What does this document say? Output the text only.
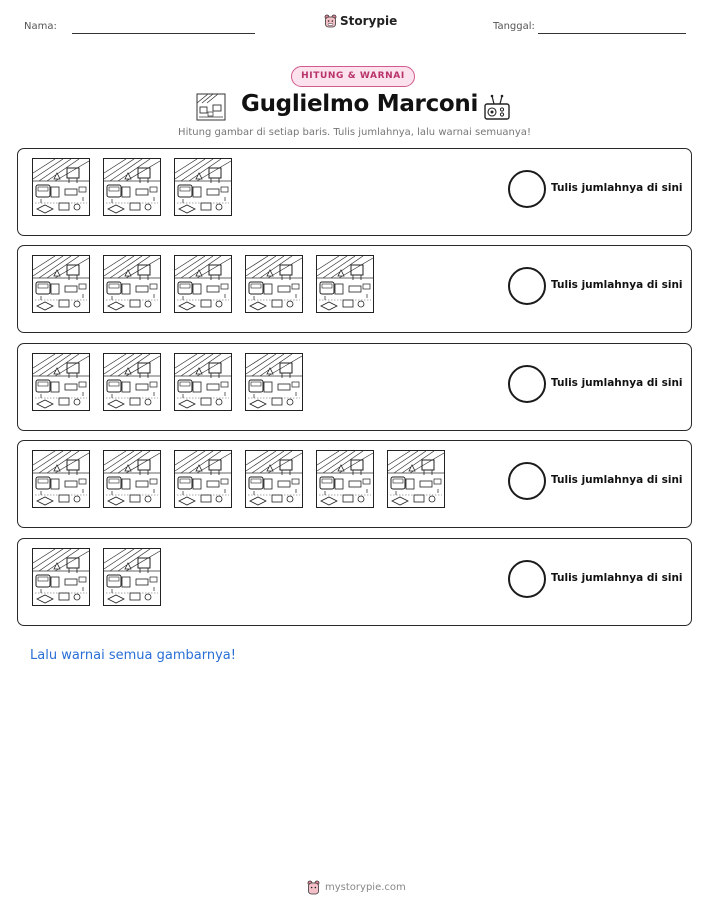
Nama:	Storypie	Tanggal:
HITUNG & WARNAI
Guglielmo Marconi
Hitung gambar di setiap baris. Tulis jumlahnya, lalu warnai semuanya!
Tulis jumlahnya di sini
Tulis jumlahnya di sini
Tulis jumlahnya di sini
Tulis jumlahnya di sini
Tulis jumlahnya di sini
Lalu warnai semua gambarnya!
mystorypie.com
